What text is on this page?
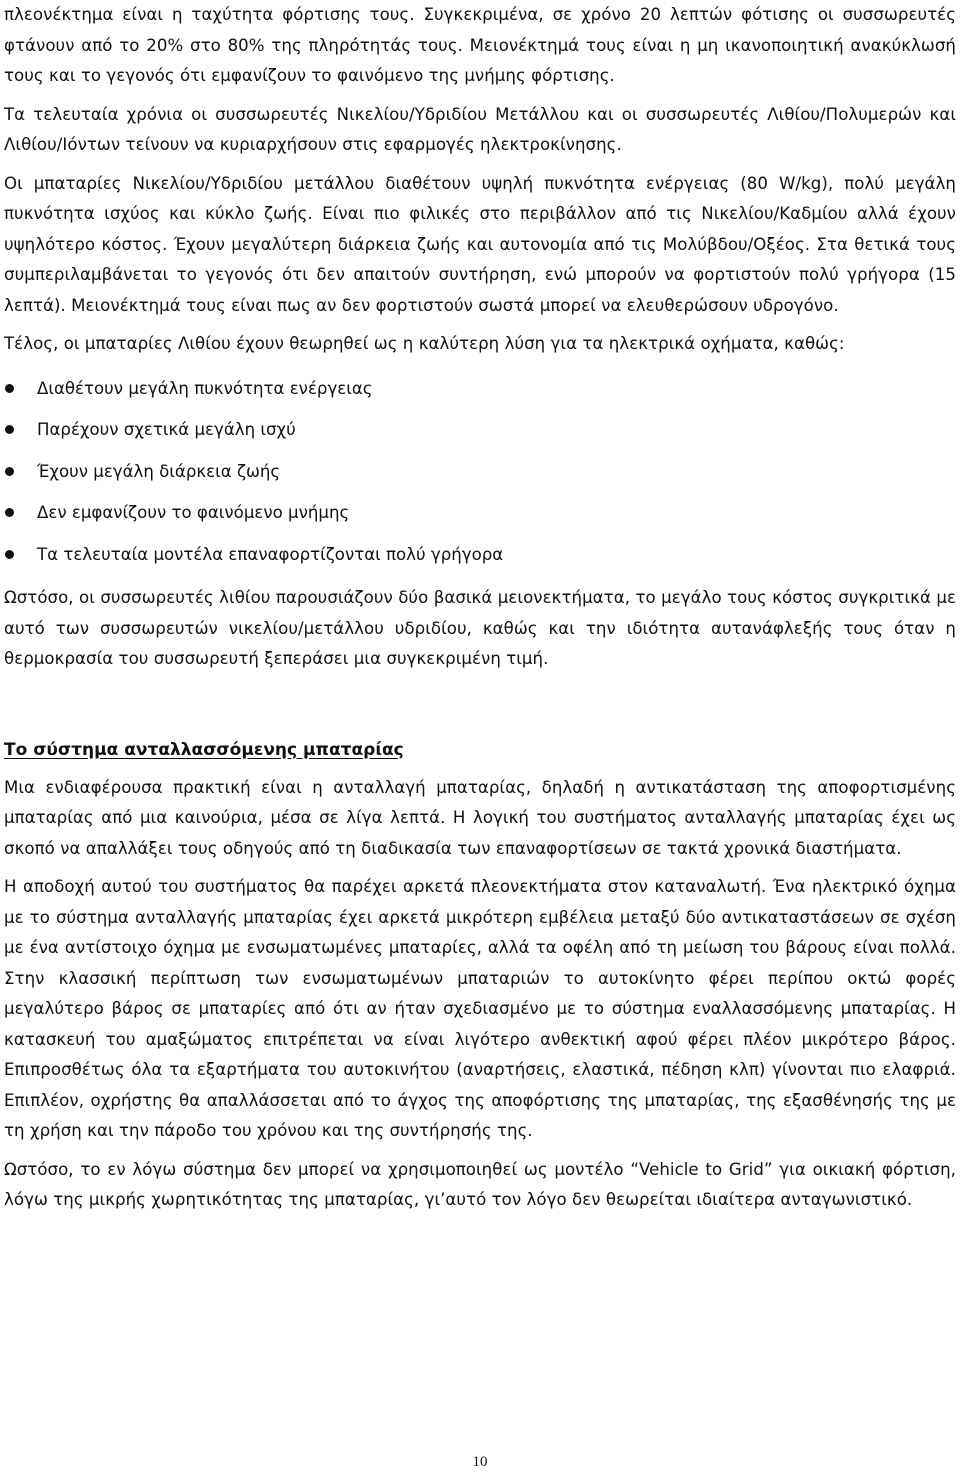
πλεονέκτημα είναι η ταχύτητα φόρτισης τους. Συγκεκριμένα, σε χρόνο 20 λεπτών φότισης οι συσσωρευτές φτάνουν από το 20% στο 80% της πληρότητάς τους. Μειονέκτημά τους είναι η μη ικανοποιητική ανακύκλωσή τους και το γεγονός ότι εμφανίζουν το φαινόμενο της μνήμης φόρτισης.

Τα τελευταία χρόνια οι συσσωρευτές Νικελίου/Υδριδίου Μετάλλου και οι συσσωρευτές Λιθίου/Πολυμερών και Λιθίου/Ιόντων τείνουν να κυριαρχήσουν στις εφαρμογές ηλεκτροκίνησης.

Οι μπαταρίες Νικελίου/Υδριδίου μετάλλου διαθέτουν υψηλή πυκνότητα ενέργειας (80 W/kg), πολύ μεγάλη πυκνότητα ισχύος και κύκλο ζωής. Είναι πιο φιλικές στο περιβάλλον από τις Νικελίου/Καδμίου αλλά έχουν υψηλότερο κόστος. Έχουν μεγαλύτερη διάρκεια ζωής και αυτονομία από τις Μολύβδου/Οξέος. Στα θετικά τους συμπεριλαμβάνεται το γεγονός ότι δεν απαιτούν συντήρηση, ενώ μπορούν να φορτιστούν πολύ γρήγορα (15 λεπτά). Μειονέκτημά τους είναι πως αν δεν φορτιστούν σωστά μπορεί να ελευθερώσουν υδρογόνο.

Τέλος, οι μπαταρίες Λιθίου έχουν θεωρηθεί ως η καλύτερη λύση για τα ηλεκτρικά οχήματα, καθώς:

Διαθέτουν μεγάλη πυκνότητα ενέργειας
Παρέχουν σχετικά μεγάλη ισχύ
Έχουν μεγάλη διάρκεια ζωής
Δεν εμφανίζουν το φαινόμενο μνήμης
Τα τελευταία μοντέλα επαναφορτίζονται πολύ γρήγορα

Ωστόσο, οι συσσωρευτές λιθίου παρουσιάζουν δύο βασικά μειονεκτήματα, το μεγάλο τους κόστος συγκριτικά με αυτό των συσσωρευτών νικελίου/μετάλλου υδριδίου, καθώς και την ιδιότητα αυτανάφλεξής τους όταν η θερμοκρασία του συσσωρευτή ξεπεράσει μια συγκεκριμένη τιμή.

Το σύστημα ανταλλασσόμενης μπαταρίας

Μια ενδιαφέρουσα πρακτική είναι η ανταλλαγή μπαταρίας, δηλαδή η αντικατάσταση της αποφορτισμένης μπαταρίας από μια καινούρια, μέσα σε λίγα λεπτά. Η λογική του συστήματος ανταλλαγής μπαταρίας έχει ως σκοπό να απαλλάξει τους οδηγούς από τη διαδικασία των επαναφορτίσεων σε τακτά χρονικά διαστήματα.

Η αποδοχή αυτού του συστήματος θα παρέχει αρκετά πλεονεκτήματα στον καταναλωτή. Ένα ηλεκτρικό όχημα με το σύστημα ανταλλαγής μπαταρίας έχει αρκετά μικρότερη εμβέλεια μεταξύ δύο αντικαταστάσεων σε σχέση με ένα αντίστοιχο όχημα με ενσωματωμένες μπαταρίες, αλλά τα οφέλη από τη μείωση του βάρους είναι πολλά. Στην κλασσική περίπτωση των ενσωματωμένων μπαταριών το αυτοκίνητο φέρει περίπου οκτώ φορές μεγαλύτερο βάρος σε μπαταρίες από ότι αν ήταν σχεδιασμένο με το σύστημα εναλλασσόμενης μπαταρίας. Η κατασκευή του αμαξώματος επιτρέπεται να είναι λιγότερο ανθεκτική αφού φέρει πλέον μικρότερο βάρος. Επιπροσθέτως όλα τα εξαρτήματα του αυτοκινήτου (αναρτήσεις, ελαστικά, πέδηση κλπ) γίνονται πιο ελαφριά. Επιπλέον, οχρήστης θα απαλλάσσεται από το άγχος της αποφόρτισης της μπαταρίας, της εξασθένησής της με τη χρήση και την πάροδο του χρόνου και της συντήρησής της.

Ωστόσο, το εν λόγω σύστημα δεν μπορεί να χρησιμοποιηθεί ως μοντέλο “Vehicle to Grid” για οικιακή φόρτιση, λόγω της μικρής χωρητικότητας της μπαταρίας, γι’αυτό τον λόγο δεν θεωρείται ιδιαίτερα ανταγωνιστικό.

10
